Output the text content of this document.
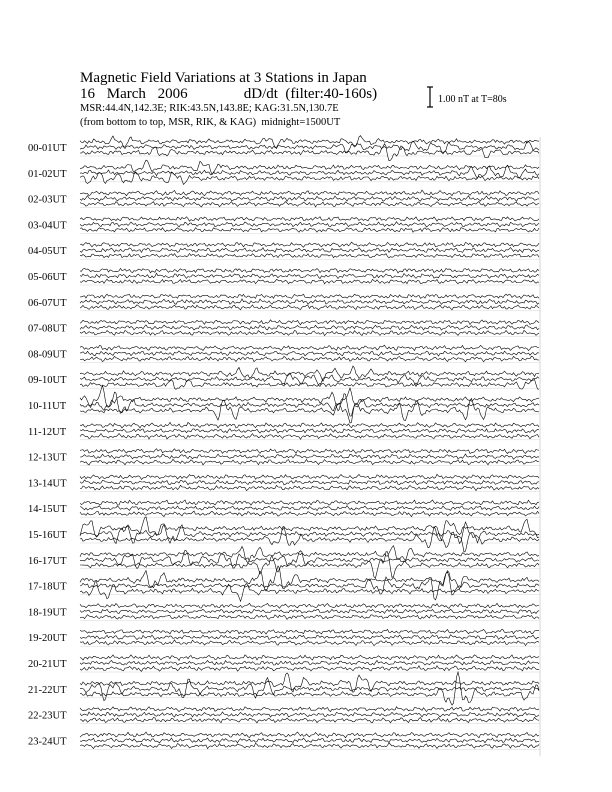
Magnetic Field Variations at 3 Stations in Japan
16 March 2006	dD/dt (filter:40-160s)
MSR:44.4N,142.3E; RIK:43.5N,143.8E; KAG:31.5N,130.7E
(from bottom to top, MSR, RIK, & KAG) midnight=1500UT
1.00 nT at T=80s
00-01UT
01-02UT
02-03UT
03-04UT
04-05UT
05-06UT
06-07UT
07-08UT
08-09UT
09-10UT
10-11UT
11-12UT
12-13UT
13-14UT
14-15UT
15-16UT
16-17UT
17-18UT
18-19UT
19-20UT
20-21UT
21-22UT
22-23UT
23-24UT
